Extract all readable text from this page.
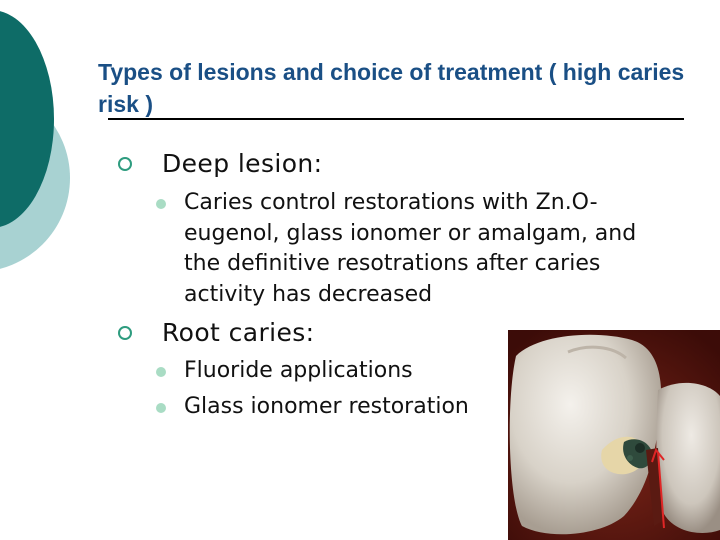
Types of lesions and choice of treatment ( high caries risk )
Deep lesion:
Caries control restorations with Zn.O-eugenol, glass ionomer or amalgam, and the definitive resotrations after caries activity has decreased
Root caries:
Fluoride applications
Glass ionomer restoration
